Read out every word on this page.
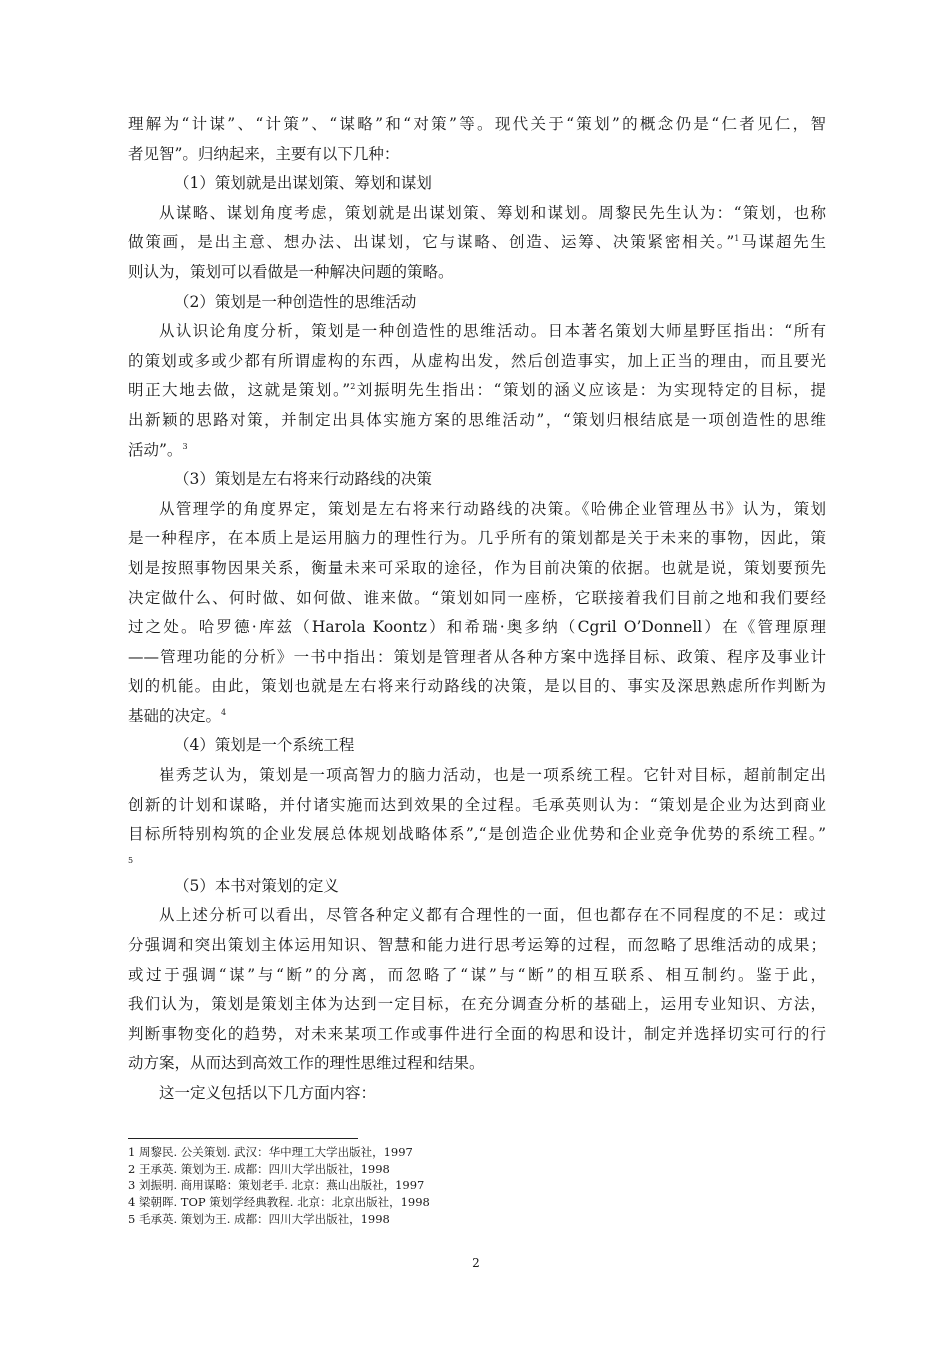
理解为“计谋”、“计策”、“谋略”和“对策”等。现代关于“策划”的概念仍是“仁者见仁，智
者见智”。归纳起来，主要有以下几种：
（1）策划就是出谋划策、筹划和谋划
从谋略、谋划角度考虑，策划就是出谋划策、筹划和谋划。周黎民先生认为：“策划，也称
做策画，是出主意、想办法、出谋划，它与谋略、创造、运筹、决策紧密相关。”$^1$马谋超先生
则认为，策划可以看做是一种解决问题的策略。
（2）策划是一种创造性的思维活动
从认识论角度分析，策划是一种创造性的思维活动。日本著名策划大师星野匡指出：“所有
的策划或多或少都有所谓虚构的东西，从虚构出发，然后创造事实，加上正当的理由，而且要光
明正大地去做，这就是策划。”$^2$刘振明先生指出：“策划的涵义应该是：为实现特定的目标，提
出新颖的思路对策，并制定出具体实施方案的思维活动”，“策划归根结底是一项创造性的思维
活动”。$^3$
（3）策划是左右将来行动路线的决策
从管理学的角度界定，策划是左右将来行动路线的决策。《哈佛企业管理丛书》认为，策划
是一种程序，在本质上是运用脑力的理性行为。几乎所有的策划都是关于未来的事物，因此，策
划是按照事物因果关系，衡量未来可采取的途径，作为目前决策的依据。也就是说，策划要预先
决定做什么、何时做、如何做、谁来做。“策划如同一座桥，它联接着我们目前之地和我们要经
过之处。哈罗德·库兹（Harola Koontz）和希瑞·奥多纳（Cgril O’Donnell）在《管理原理
——管理功能的分析》一书中指出：策划是管理者从各种方案中选择目标、政策、程序及事业计
划的机能。由此，策划也就是左右将来行动路线的决策，是以目的、事实及深思熟虑所作判断为
基础的决定。$^4$
（4）策划是一个系统工程
崔秀芝认为，策划是一项高智力的脑力活动，也是一项系统工程。它针对目标，超前制定出
创新的计划和谋略，并付诸实施而达到效果的全过程。毛承英则认为：“策划是企业为达到商业
目标所特别构筑的企业发展总体规划战略体系”,“是创造企业优势和企业竞争优势的系统工程。”
5
（5）本书对策划的定义
从上述分析可以看出，尽管各种定义都有合理性的一面，但也都存在不同程度的不足：或过
分强调和突出策划主体运用知识、智慧和能力进行思考运筹的过程，而忽略了思维活动的成果；
或过于强调“谋”与“断”的分离，而忽略了“谋”与“断”的相互联系、相互制约。鉴于此，
我们认为，策划是策划主体为达到一定目标，在充分调查分析的基础上，运用专业知识、方法，
判断事物变化的趋势，对未来某项工作或事件进行全面的构思和设计，制定并选择切实可行的行
动方案，从而达到高效工作的理性思维过程和结果。
这一定义包括以下几方面内容：
1 周黎民. 公关策划. 武汉：华中理工大学出版社，1997
2 王承英. 策划为王. 成都：四川大学出版社，1998
3 刘振明. 商用谋略：策划老手. 北京：燕山出版社，1997
4 梁朝晖. TOP 策划学经典教程. 北京：北京出版社，1998
5 毛承英. 策划为王. 成都：四川大学出版社，1998
2
